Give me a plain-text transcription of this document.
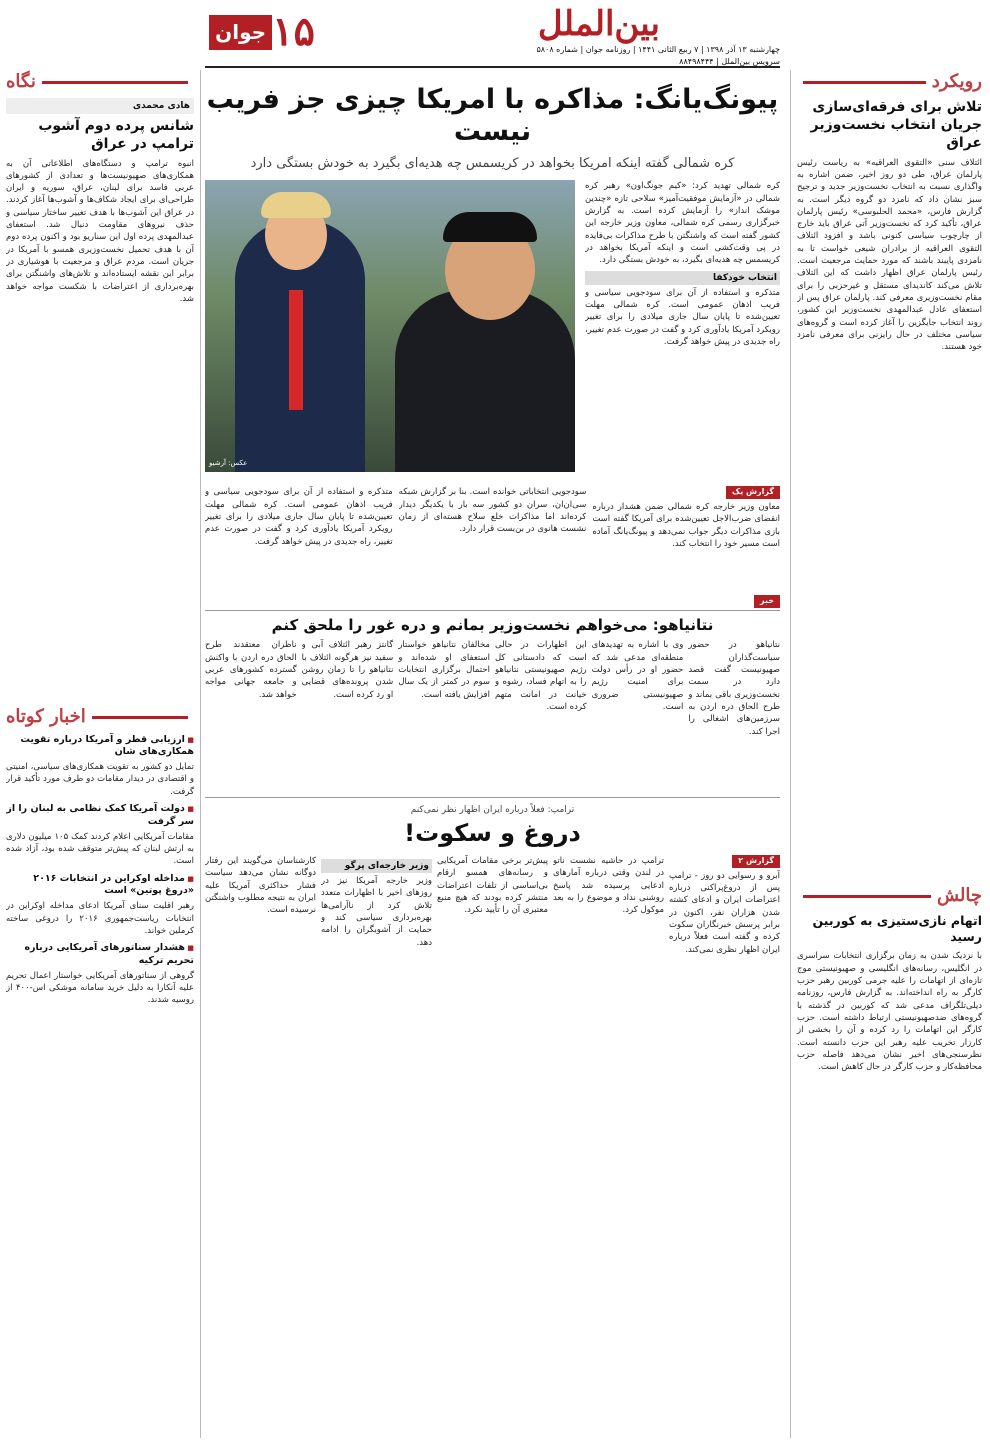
۱۵
جوان	بين‌الملل
چهارشنبه ۱۳ آذر ۱۳۹۸ | ۷ ربیع الثانی ۱۴۴۱ | روزنامه جوان | شماره ۵۸۰۸
سرویس بین‌الملل | ۸۸۴۹۸۴۴۴
رویکرد
تلاش برای فرقه‌ای‌سازی جریان انتخاب نخست‌وزیر عراق
ائتلاف سنی «التقوی العراقیه» به ریاست رئیس پارلمان عراق، طی دو روز اخیر، ضمن اشاره به واگذاری نسبت به انتخاب نخست‌وزیر جدید و ترجیح سبز نشان داد که نامزد دو گروه دیگر است. به گزارش فارس، «محمد الحلبوسی» رئیس پارلمان عراق، تأکید کرد که نخست‌وزیر آتی عراق باید خارج از چارچوب سیاسی کنونی باشد و افزود ائتلاف التقوی العراقیه از برادران شیعی خواست تا به نامزدی پایبند باشند که مورد حمایت مرجعیت است. رئیس پارلمان عراق اظهار داشت که این ائتلاف تلاش می‌کند کاندیدای مستقل و غیرحزبی را برای مقام نخست‌وزیری معرفی کند. پارلمان عراق پس از استعفای عادل عبدالمهدی نخست‌وزیر این کشور، روند انتخاب جایگزین را آغاز کرده است و گروه‌های سیاسی مختلف در حال رایزنی برای معرفی نامزد خود هستند.
چالش
اتهام نازی‌ستیزی به کوربین رسید
با نزدیک شدن به زمان برگزاری انتخابات سراسری در انگلیس، رسانه‌های انگلیسی و صهیونیستی موج تازه‌ای از اتهامات را علیه جرمی کوربین رهبر حزب کارگر به راه انداخته‌اند. به گزارش فارس، روزنامه دیلی‌تلگراف مدعی شد که کوربین در گذشته با گروه‌های ضدصهیونیستی ارتباط داشته است. حزب کارگر این اتهامات را رد کرده و آن را بخشی از کارزار تخریب علیه رهبر این حزب دانسته است. نظرسنجی‌های اخیر نشان می‌دهد فاصله حزب محافظه‌کار و حزب کارگر در حال کاهش است.
نگاه
هادی محمدی
شانس پرده دوم آشوب ترامپ در عراق
انبوه ترامپ و دستگاه‌های اطلاعاتی آن به همکاری‌های صهیونیست‌ها و تعدادی از کشورهای عربی فاسد برای لبنان، عراق، سوریه و ایران طراحی‌ای برای ایجاد شکاف‌ها و آشوب‌ها آغاز کردند. در عراق این آشوب‌ها با هدف تغییر ساختار سیاسی و حذف نیروهای مقاومت دنبال شد. استعفای عبدالمهدی پرده اول این سناریو بود و اکنون پرده دوم آن با هدف تحمیل نخست‌وزیری همسو با آمریکا در جریان است. مردم عراق و مرجعیت با هوشیاری در برابر این نقشه ایستاده‌اند و تلاش‌های واشنگتن برای بهره‌برداری از اعتراضات با شکست مواجه خواهد شد.
اخبار کوتاه
■ ارزیابی قطر و آمریکا درباره تقویت همکاری‌های شان
تمایل دو کشور به تقویت همکاری‌های سیاسی، امنیتی و اقتصادی در دیدار مقامات دو طرف مورد تأکید قرار گرفت.
■ دولت آمریکا کمک نظامی به لبنان را از سر گرفت
مقامات آمریکایی اعلام کردند کمک ۱۰۵ میلیون دلاری به ارتش لبنان که پیش‌تر متوقف شده بود، آزاد شده است.
■ مداخله اوکراین در انتخابات ۲۰۱۶ «دروغ پوتین» است
رهبر اقلیت سنای آمریکا ادعای مداخله اوکراین در انتخابات ریاست‌جمهوری ۲۰۱۶ را دروغی ساخته کرملین خواند.
■ هشدار سناتورهای آمریکایی درباره تحریم ترکیه
گروهی از سناتورهای آمریکایی خواستار اعمال تحریم علیه آنکارا به دلیل خرید سامانه موشکی اس-۴۰۰ از روسیه شدند.
پیونگ‌یانگ: مذاکره با امریکا چیزی جز فریب نیست
کره شمالی گفته اینکه امریکا بخواهد در کریسمس چه هدیه‌ای بگیرد به خودش بستگی دارد
کره شمالی تهدید کرد: «کیم جونگ‌اون» رهبر کره شمالی در «آزمایش موفقیت‌آمیز» سلاحی تازه «چندین موشک انداز» را آزمایش کرده است. به گزارش خبرگزاری رسمی کره شمالی، معاون وزیر خارجه این کشور گفته است که واشنگتن با طرح مذاکرات بی‌فایده در پی وقت‌کشی است و اینکه آمریکا بخواهد در کریسمس چه هدیه‌ای بگیرد، به خودش بستگی دارد.
انتخاب خودکفا
متذکره و استفاده از آن برای سود‌جویی سیاسی و فریب اذهان عمومی است. کره شمالی مهلت تعیین‌شده تا پایان سال جاری میلادی را برای تغییر رویکرد آمریکا یادآوری کرد و گفت در صورت عدم تغییر، راه جدیدی در پیش خواهد گرفت.
عکس: آرشیو
گزارش یک
معاون وزیر خارجه کره شمالی ضمن هشدار درباره انقضای ضرب‌الاجل تعیین‌شده برای آمریکا گفته است بازی مذاکرات دیگر جواب نمی‌دهد و پیونگ‌یانگ آماده است مسیر خود را انتخاب کند.
سودجویی انتخاباتی خوانده است. بنا بر گزارش شبکه سی‌ان‌ان، سران دو کشور سه بار با یکدیگر دیدار کرده‌اند اما مذاکرات خلع سلاح هسته‌ای از زمان نشست هانوی در بن‌بست قرار دارد.
متذکره و استفاده از آن برای سود‌جویی سیاسی و فریب اذهان عمومی است. کره شمالی مهلت تعیین‌شده تا پایان سال جاری میلادی را برای تغییر رویکرد آمریکا یادآوری کرد و گفت در صورت عدم تغییر، راه جدیدی در پیش خواهد گرفت.
خبر
نتانیاهو: می‌خواهم نخست‌وزیر بمانم و دره غور را ملحق کنم
نتانیاهو در حضور سیاست‌گذاران صهیونیست گفت قصد دارد در سمت نخست‌وزیری باقی بماند و طرح الحاق دره اردن به سرزمین‌های اشغالی را اجرا کند.
وی با اشاره به تهدیدهای منطقه‌ای مدعی شد که حضور او در رأس دولت برای امنیت رژیم صهیونیستی ضروری است.
این اظهارات در حالی است که دادستانی کل رژیم صهیونیستی نتانیاهو را به اتهام فساد، رشوه و خیانت در امانت متهم کرده است.
مخالفان نتانیاهو خواستار استعفای او شده‌اند و احتمال برگزاری انتخابات سوم در کمتر از یک سال افزایش یافته است.
گانتز رهبر ائتلاف آبی و سفید نیز هرگونه ائتلاف با نتانیاهو را تا زمان روشن شدن پرونده‌های قضایی او رد کرده است.
ناظران معتقدند طرح الحاق دره اردن با واکنش گسترده کشورهای عربی و جامعه جهانی مواجه خواهد شد.
ترامپ: فعلاً درباره ایران اظهار نظر نمی‌کنم
دروغ و سکوت!
گزارش ۲
آبرو و رسوایی دو روز - ترامپ پس از دروغ‌پراکنی درباره اعتراضات ایران و ادعای کشته شدن هزاران نفر، اکنون در برابر پرسش خبرنگاران سکوت کرده و گفته است فعلاً درباره ایران اظهار نظری نمی‌کند.
ترامپ در حاشیه نشست ناتو در لندن وقتی درباره آمارهای ادعایی پرسیده شد پاسخ روشنی نداد و موضوع را به بعد موکول کرد.
پیش‌تر برخی مقامات آمریکایی و رسانه‌های همسو ارقام بی‌اساسی از تلفات اعتراضات منتشر کرده بودند که هیچ منبع معتبری آن را تأیید نکرد.
وزیر خارجه‌ای پرگو
وزیر خارجه آمریکا نیز در روزهای اخیر با اظهارات متعدد تلاش کرد از ناآرامی‌ها بهره‌برداری سیاسی کند و حمایت از آشوبگران را ادامه دهد.
کارشناسان می‌گویند این رفتار دوگانه نشان می‌دهد سیاست فشار حداکثری آمریکا علیه ایران به نتیجه مطلوب واشنگتن نرسیده است.
